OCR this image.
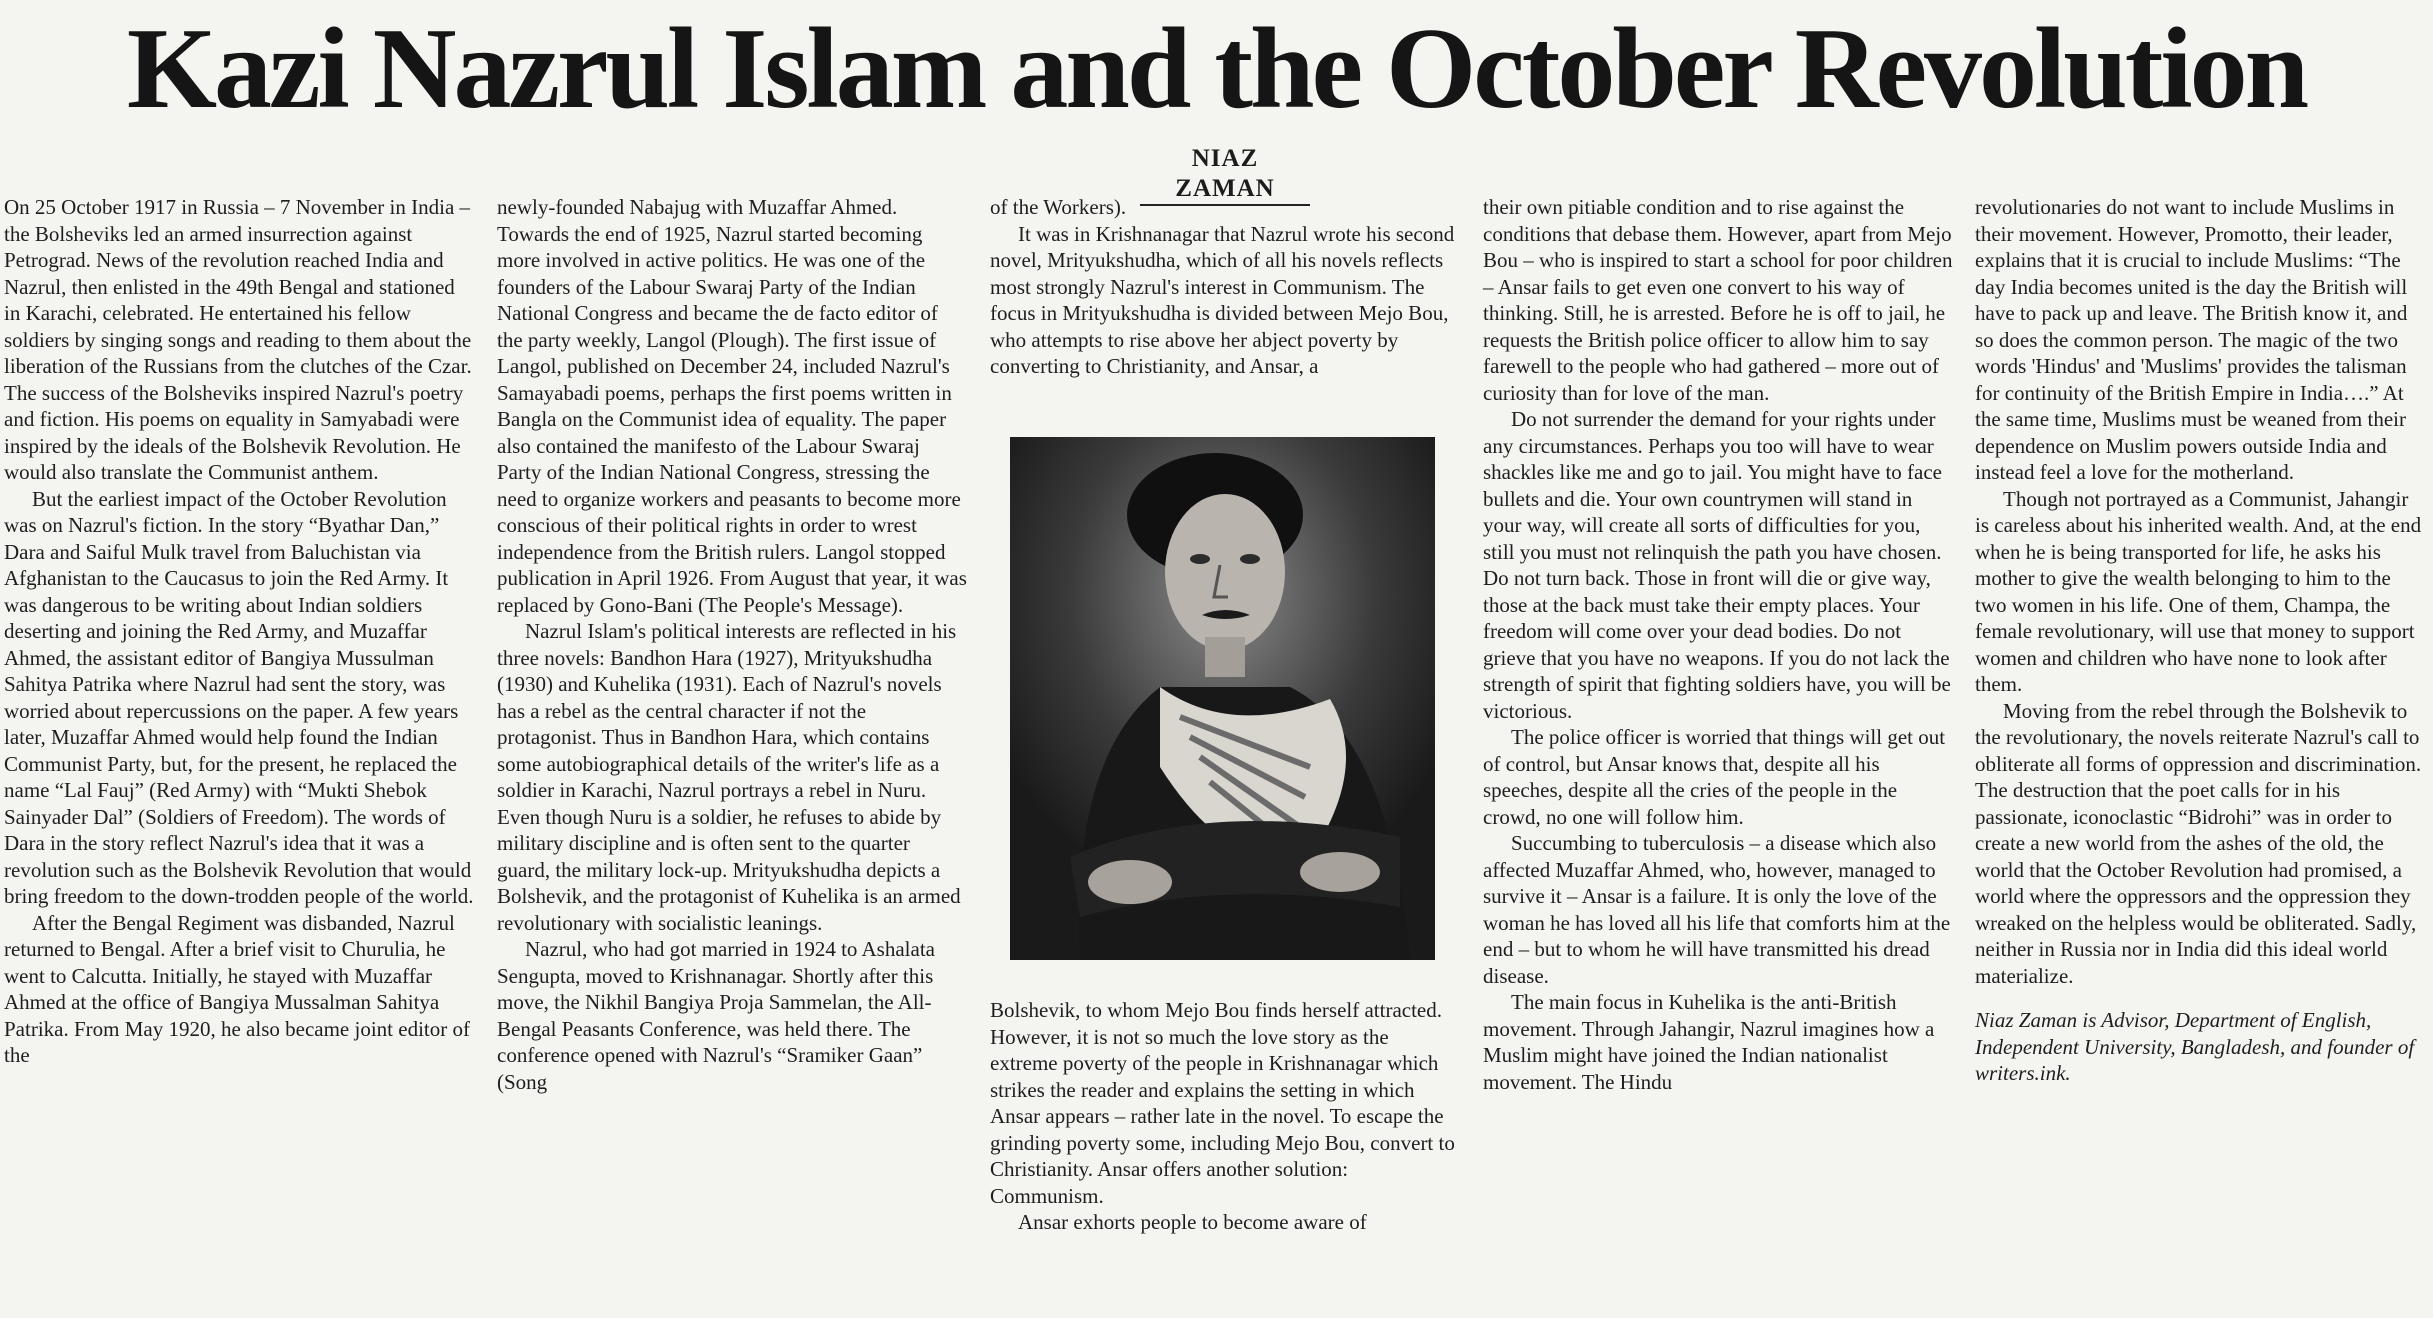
Kazi Nazrul Islam and the October Revolution
NIAZ ZAMAN

On 25 October 1917 in Russia – 7 November in India – the Bolsheviks led an armed insurrection against Petrograd. News of the revolution reached India and Nazrul, then enlisted in the 49th Bengal and stationed in Karachi, celebrated. He entertained his fellow soldiers by singing songs and reading to them about the liberation of the Russians from the clutches of the Czar. The success of the Bolsheviks inspired Nazrul's poetry and fiction. His poems on equality in Samyabadi were inspired by the ideals of the Bolshevik Revolution. He would also translate the Communist anthem.

But the earliest impact of the October Revolution was on Nazrul's fiction. In the story “Byathar Dan,” Dara and Saiful Mulk travel from Baluchistan via Afghanistan to the Caucasus to join the Red Army. It was dangerous to be writing about Indian soldiers deserting and joining the Red Army, and Muzaffar Ahmed, the assistant editor of Bangiya Mussulman Sahitya Patrika where Nazrul had sent the story, was worried about repercussions on the paper. A few years later, Muzaffar Ahmed would help found the Indian Communist Party, but, for the present, he replaced the name “Lal Fauj” (Red Army) with “Mukti Shebok Sainyader Dal” (Soldiers of Freedom). The words of Dara in the story reflect Nazrul's idea that it was a revolution such as the Bolshevik Revolution that would bring freedom to the down-trodden people of the world.

After the Bengal Regiment was disbanded, Nazrul returned to Bengal. After a brief visit to Churulia, he went to Calcutta. Initially, he stayed with Muzaffar Ahmed at the office of Bangiya Mussalman Sahitya Patrika. From May 1920, he also became joint editor of the

newly-founded Nabajug with Muzaffar Ahmed. Towards the end of 1925, Nazrul started becoming more involved in active politics. He was one of the founders of the Labour Swaraj Party of the Indian National Congress and became the de facto editor of the party weekly, Langol (Plough). The first issue of Langol, published on December 24, included Nazrul's Samayabadi poems, perhaps the first poems written in Bangla on the Communist idea of equality. The paper also contained the manifesto of the Labour Swaraj Party of the Indian National Congress, stressing the need to organize workers and peasants to become more conscious of their political rights in order to wrest independence from the British rulers. Langol stopped publication in April 1926. From August that year, it was replaced by Gono-Bani (The People's Message).

Nazrul Islam's political interests are reflected in his three novels: Bandhon Hara (1927), Mrityukshudha (1930) and Kuhelika (1931). Each of Nazrul's novels has a rebel as the central character if not the protagonist. Thus in Bandhon Hara, which contains some autobiographical details of the writer's life as a soldier in Karachi, Nazrul portrays a rebel in Nuru. Even though Nuru is a soldier, he refuses to abide by military discipline and is often sent to the quarter guard, the military lock-up. Mrityukshudha depicts a Bolshevik, and the protagonist of Kuhelika is an armed revolutionary with socialistic leanings.

Nazrul, who had got married in 1924 to Ashalata Sengupta, moved to Krishnanagar. Shortly after this move, the Nikhil Bangiya Proja Sammelan, the All-Bengal Peasants Conference, was held there. The conference opened with Nazrul's “Sramiker Gaan” (Song

of the Workers).

It was in Krishnanagar that Nazrul wrote his second novel, Mrityukshudha, which of all his novels reflects most strongly Nazrul's interest in Communism. The focus in Mrityukshudha is divided between Mejo Bou, who attempts to rise above her abject poverty by converting to Christianity, and Ansar, a

Bolshevik, to whom Mejo Bou finds herself attracted. However, it is not so much the love story as the extreme poverty of the people in Krishnanagar which strikes the reader and explains the setting in which Ansar appears – rather late in the novel. To escape the grinding poverty some, including Mejo Bou, convert to Christianity. Ansar offers another solution: Communism.

Ansar exhorts people to become aware of

their own pitiable condition and to rise against the conditions that debase them. However, apart from Mejo Bou – who is inspired to start a school for poor children – Ansar fails to get even one convert to his way of thinking. Still, he is arrested. Before he is off to jail, he requests the British police officer to allow him to say farewell to the people who had gathered – more out of curiosity than for love of the man.

Do not surrender the demand for your rights under any circumstances. Perhaps you too will have to wear shackles like me and go to jail. You might have to face bullets and die. Your own countrymen will stand in your way, will create all sorts of difficulties for you, still you must not relinquish the path you have chosen. Do not turn back. Those in front will die or give way, those at the back must take their empty places. Your freedom will come over your dead bodies. Do not grieve that you have no weapons. If you do not lack the strength of spirit that fighting soldiers have, you will be victorious.

The police officer is worried that things will get out of control, but Ansar knows that, despite all his speeches, despite all the cries of the people in the crowd, no one will follow him.

Succumbing to tuberculosis – a disease which also affected Muzaffar Ahmed, who, however, managed to survive it – Ansar is a failure. It is only the love of the woman he has loved all his life that comforts him at the end – but to whom he will have transmitted his dread disease.

The main focus in Kuhelika is the anti-British movement. Through Jahangir, Nazrul imagines how a Muslim might have joined the Indian nationalist movement. The Hindu

revolutionaries do not want to include Muslims in their movement. However, Promotto, their leader, explains that it is crucial to include Muslims: “The day India becomes united is the day the British will have to pack up and leave. The British know it, and so does the common person. The magic of the two words 'Hindus' and 'Muslims' provides the talisman for continuity of the British Empire in India….” At the same time, Muslims must be weaned from their dependence on Muslim powers outside India and instead feel a love for the motherland.

Though not portrayed as a Communist, Jahangir is careless about his inherited wealth. And, at the end when he is being transported for life, he asks his mother to give the wealth belonging to him to the two women in his life. One of them, Champa, the female revolutionary, will use that money to support women and children who have none to look after them.

Moving from the rebel through the Bolshevik to the revolutionary, the novels reiterate Nazrul's call to obliterate all forms of oppression and discrimination. The destruction that the poet calls for in his passionate, iconoclastic “Bidrohi” was in order to create a new world from the ashes of the old, the world that the October Revolution had promised, a world where the oppressors and the oppression they wreaked on the helpless would be obliterated. Sadly, neither in Russia nor in India did this ideal world materialize.

Niaz Zaman is Advisor, Department of English, Independent University, Bangladesh, and founder of writers.ink.
